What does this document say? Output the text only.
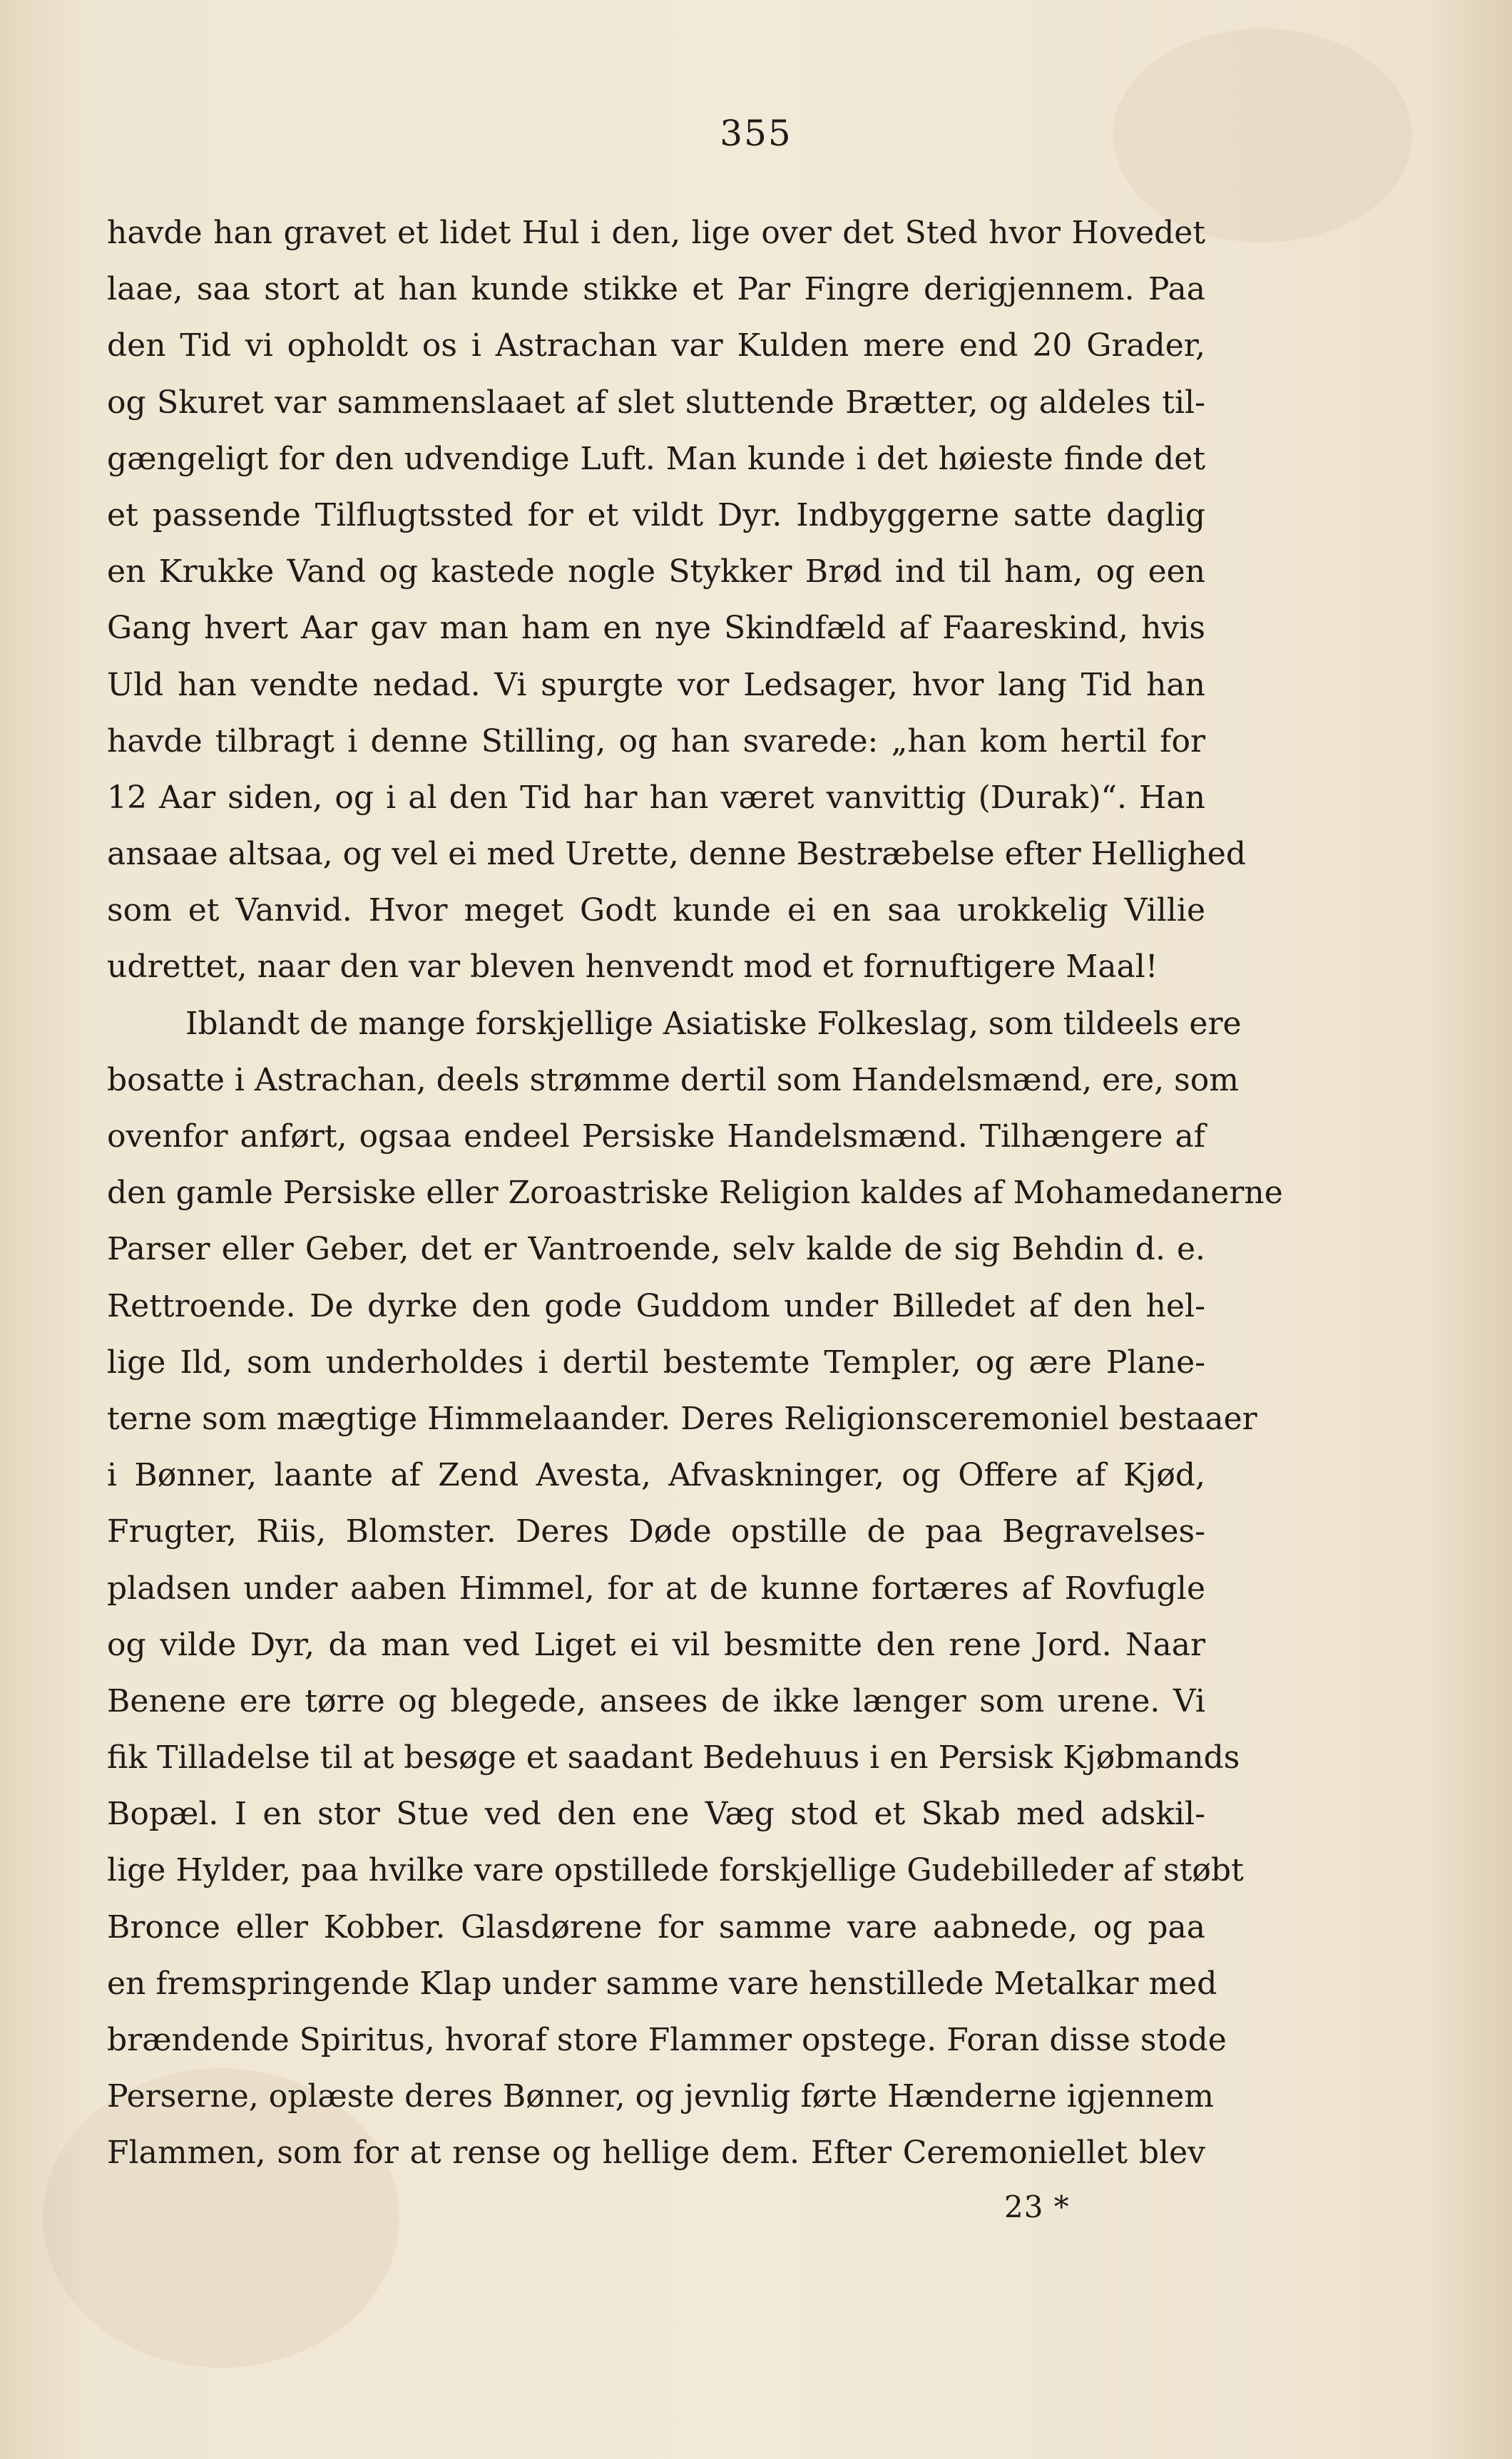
355
havde han gravet et lidet Hul i den, lige over det Sted hvor Hovedet
laae, saa stort at han kunde stikke et Par Fingre derigjennem. Paa
den Tid vi opholdt os i Astrachan var Kulden mere end 20 Grader,
og Skuret var sammenslaaet af slet sluttende Brætter, og aldeles til-
gængeligt for den udvendige Luft. Man kunde i det høieste finde det
et passende Tilflugtssted for et vildt Dyr. Indbyggerne satte daglig
en Krukke Vand og kastede nogle Stykker Brød ind til ham, og een
Gang hvert Aar gav man ham en nye Skindfæld af Faareskind, hvis
Uld han vendte nedad. Vi spurgte vor Ledsager, hvor lang Tid han
havde tilbragt i denne Stilling, og han svarede: „han kom hertil for
12 Aar siden, og i al den Tid har han været vanvittig (Durak)“. Han
ansaae altsaa, og vel ei med Urette, denne Bestræbelse efter Hellighed
som et Vanvid. Hvor meget Godt kunde ei en saa urokkelig Villie
udrettet, naar den var bleven henvendt mod et fornuftigere Maal!
Iblandt de mange forskjellige Asiatiske Folkeslag, som tildeels ere
bosatte i Astrachan, deels strømme dertil som Handelsmænd, ere, som
ovenfor anført, ogsaa endeel Persiske Handelsmænd. Tilhængere af
den gamle Persiske eller Zoroastriske Religion kaldes af Mohamedanerne
Parser eller Geber, det er Vantroende, selv kalde de sig Behdin d. e.
Rettroende. De dyrke den gode Guddom under Billedet af den hel-
lige Ild, som underholdes i dertil bestemte Templer, og ære Plane-
terne som mægtige Himmelaander. Deres Religionsceremoniel bestaaer
i Bønner, laante af Zend Avesta, Afvaskninger, og Offere af Kjød,
Frugter, Riis, Blomster. Deres Døde opstille de paa Begravelses-
pladsen under aaben Himmel, for at de kunne fortæres af Rovfugle
og vilde Dyr, da man ved Liget ei vil besmitte den rene Jord. Naar
Benene ere tørre og blegede, ansees de ikke længer som urene. Vi
fik Tilladelse til at besøge et saadant Bedehuus i en Persisk Kjøbmands
Bopæl. I en stor Stue ved den ene Væg stod et Skab med adskil-
lige Hylder, paa hvilke vare opstillede forskjellige Gudebilleder af støbt
Bronce eller Kobber. Glasdørene for samme vare aabnede, og paa
en fremspringende Klap under samme vare henstillede Metalkar med
brændende Spiritus, hvoraf store Flammer opstege. Foran disse stode
Perserne, oplæste deres Bønner, og jevnlig førte Hænderne igjennem
Flammen, som for at rense og hellige dem. Efter Ceremoniellet blev
23 *
